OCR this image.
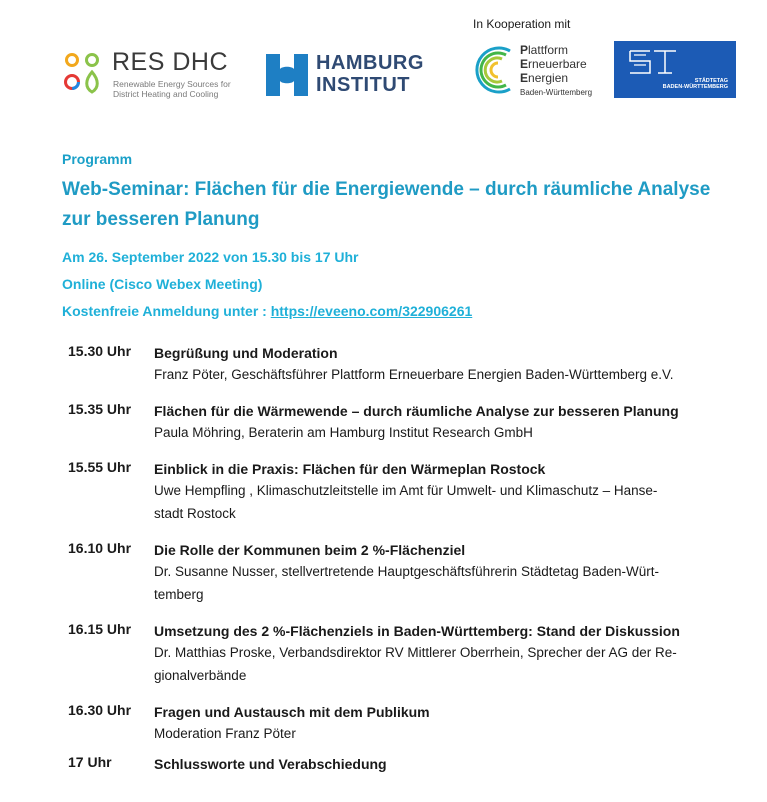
RES DHC
Renewable Energy Sources for
District Heating and Cooling
HAMBURG
INSTITUT
In Kooperation mit
Plattform
Erneuerbare
Energien
Baden-Württemberg
STÄDTETAG
BADEN-WÜRTTEMBERG
Programm
Web-Seminar: Flächen für die Energiewende – durch räumliche Analyse zur besseren Planung
Am 26. September 2022 von 15.30 bis 17 Uhr
Online (Cisco Webex Meeting)
Kostenfreie Anmeldung unter : https://eveeno.com/322906261
15.30 Uhr	Begrüßung und Moderation
Franz Pöter, Geschäftsführer Plattform Erneuerbare Energien Baden-Württemberg e.V.
15.35 Uhr	Flächen für die Wärmewende – durch räumliche Analyse zur besseren Planung
Paula Möhring, Beraterin am Hamburg Institut Research GmbH
15.55 Uhr	Einblick in die Praxis: Flächen für den Wärmeplan Rostock
Uwe Hempfling , Klimaschutzleitstelle im Amt für Umwelt- und Klimaschutz – Hanse-
stadt Rostock
16.10 Uhr	Die Rolle der Kommunen beim 2 %-Flächenziel
Dr. Susanne Nusser, stellvertretende Hauptgeschäftsführerin Städtetag Baden-Würt-
temberg
16.15 Uhr	Umsetzung des 2 %-Flächenziels in Baden-Württemberg: Stand der Diskussion
Dr. Matthias Proske, Verbandsdirektor RV Mittlerer Oberrhein, Sprecher der AG der Re-
gionalverbände
16.30 Uhr	Fragen und Austausch mit dem Publikum
Moderation Franz Pöter
17 Uhr	Schlussworte und Verabschiedung
